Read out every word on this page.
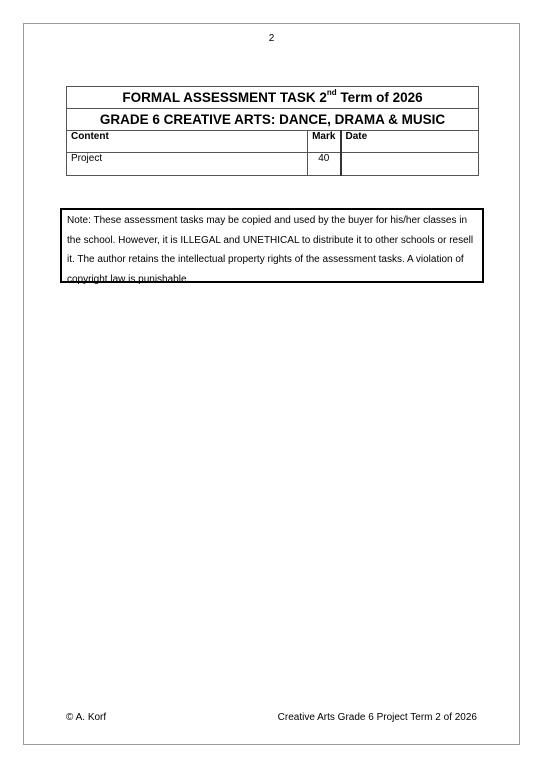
2
FORMAL ASSESSMENT TASK 2nd Term of 2026		
GRADE 6 CREATIVE ARTS: DANCE, DRAMA & MUSIC		
Content	Mark	Date
Project	40	
Note: These assessment tasks may be copied and used by the buyer for his/her classes in the school. However, it is ILLEGAL and UNETHICAL to distribute it to other schools or resell it. The author retains the intellectual property rights of the assessment tasks. A violation of copyright law is punishable.
© A. Korf	Creative Arts Grade 6 Project Term 2 of 2026
